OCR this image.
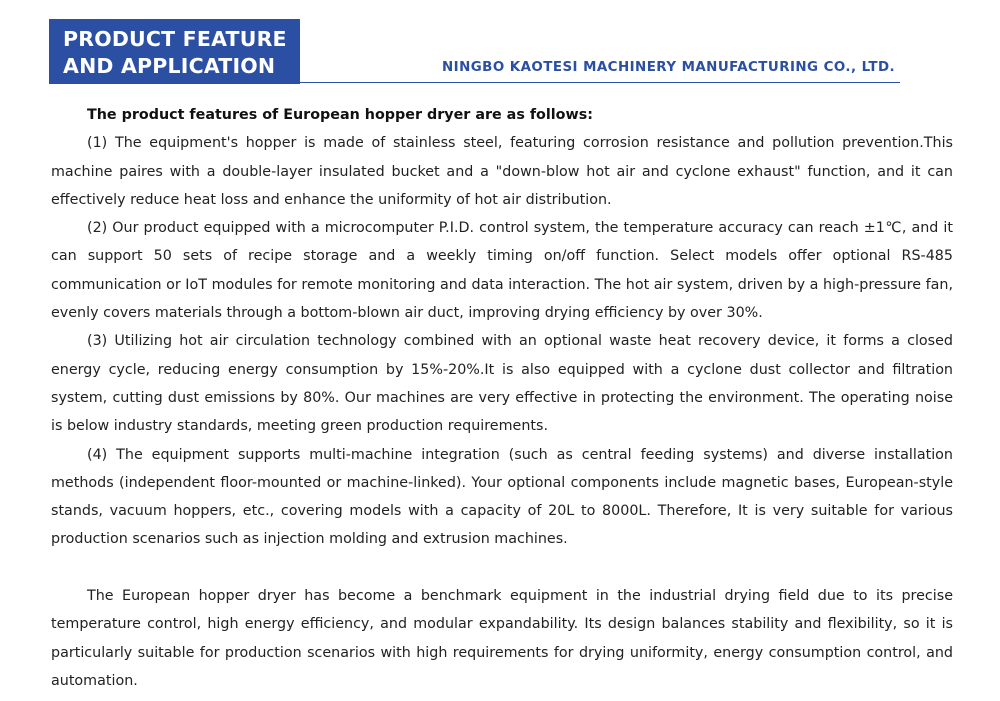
PRODUCT FEATURE
AND APPLICATION	NINGBO KAOTESI MACHINERY MANUFACTURING CO., LTD.

The product features of European hopper dryer are as follows:

(1) The equipment's hopper is made of stainless steel, featuring corrosion resistance and pollution prevention.This machine paires with a double-layer insulated bucket and a "down-blow hot air and cyclone exhaust" function, and it can effectively reduce heat loss and enhance the uniformity of hot air distribution.

(2) Our product equipped with a microcomputer P.I.D. control system, the temperature accuracy can reach ±1℃, and it can support 50 sets of recipe storage and a weekly timing on/off function. Select models offer optional RS-485 communication or IoT modules for remote monitoring and data interaction. The hot air system, driven by a high-pressure fan, evenly covers materials through a bottom-blown air duct, improving drying efficiency by over 30%.

(3) Utilizing hot air circulation technology combined with an optional waste heat recovery device, it forms a closed energy cycle, reducing energy consumption by 15%-20%.It is also equipped with a cyclone dust collector and filtration system, cutting dust emissions by 80%. Our machines are very effective in protecting the environment. The operating noise is below industry standards, meeting green production requirements.

(4) The equipment supports multi-machine integration (such as central feeding systems) and diverse installation methods (independent floor-mounted or machine-linked). Your optional components include magnetic bases, European-style stands, vacuum hoppers, etc., covering models with a capacity of 20L to 8000L. Therefore, It is very suitable for various production scenarios such as injection molding and extrusion machines.

The European hopper dryer has become a benchmark equipment in the industrial drying field due to its precise temperature control, high energy efficiency, and modular expandability. Its design balances stability and flexibility, so it is particularly suitable for production scenarios with high requirements for drying uniformity, energy consumption control, and automation.
